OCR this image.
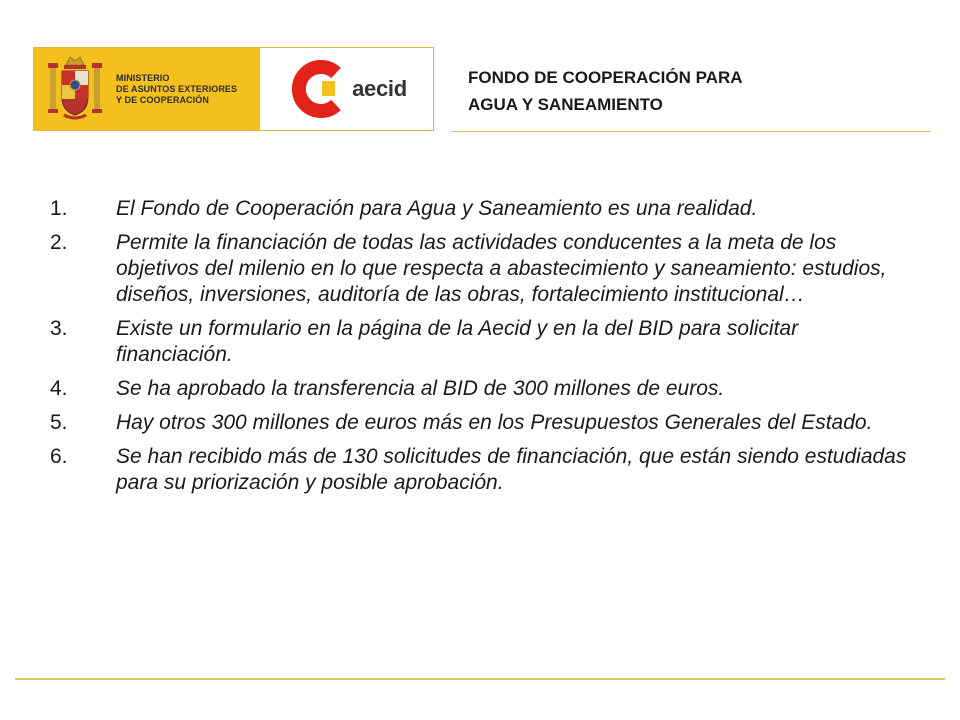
MINISTERIO
DE ASUNTOS EXTERIORES
Y DE COOPERACIÓN	aecid	FONDO DE COOPERACIÓN PARA
AGUA Y SANEAMIENTO
1.	El Fondo de Cooperación para Agua y Saneamiento es una realidad.
2.	Permite la financiación de todas las actividades conducentes a la meta de los objetivos del milenio en lo que respecta a abastecimiento y saneamiento: estudios, diseños, inversiones, auditoría de las obras, fortalecimiento institucional…
3.	Existe un formulario en la página de la Aecid y en la del BID para solicitar financiación.
4.	Se ha aprobado la transferencia al BID de 300 millones de euros.
5.	Hay otros 300 millones de euros más en los Presupuestos Generales del Estado.
6.	Se han recibido más de 130 solicitudes de financiación, que están siendo estudiadas para su priorización y posible aprobación.
